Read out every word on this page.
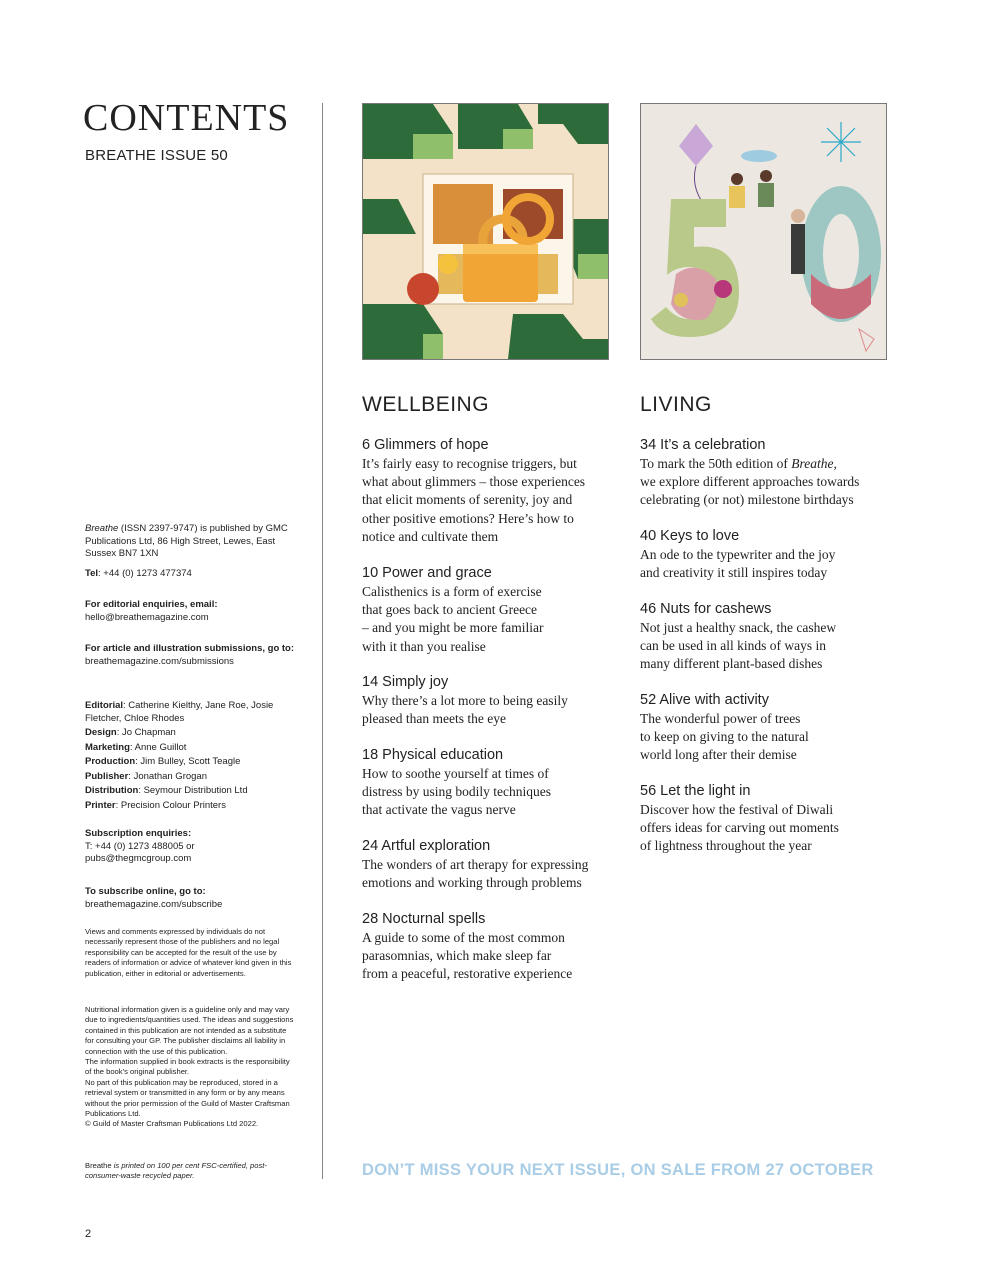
CONTENTS
BREATHE ISSUE 50
Breathe (ISSN 2397-9747) is published by GMC Publications Ltd, 86 High Street, Lewes, East Sussex BN7 1XN
Tel: +44 (0) 1273 477374
For editorial enquiries, email:
hello@breathemagazine.com
For article and illustration submissions, go to:
breathemagazine.com/submissions
Editorial: Catherine Kielthy, Jane Roe, Josie Fletcher, Chloe Rhodes
Design: Jo Chapman
Marketing: Anne Guillot
Production: Jim Bulley, Scott Teagle
Publisher: Jonathan Grogan
Distribution: Seymour Distribution Ltd
Printer: Precision Colour Printers
Subscription enquiries:
T: +44 (0) 1273 488005 or
pubs@thegmcgroup.com
To subscribe online, go to:
breathemagazine.com/subscribe
Views and comments expressed by individuals do not necessarily represent those of the publishers and no legal responsibility can be accepted for the result of the use by readers of information or advice of whatever kind given in this publication, either in editorial or advertisements.
Nutritional information given is a guideline only and may vary due to ingredients/quantities used. The ideas and suggestions contained in this publication are not intended as a substitute for consulting your GP. The publisher disclaims all liability in connection with the use of this publication.
The information supplied in book extracts is the responsibility of the book’s original publisher.
No part of this publication may be reproduced, stored in a retrieval system or transmitted in any form or by any means without the prior permission of the Guild of Master Craftsman Publications Ltd.
© Guild of Master Craftsman Publications Ltd 2022.
Breathe is printed on 100 per cent FSC-certified, post-consumer-waste recycled paper.
WELLBEING
6 Glimmers of hope
It’s fairly easy to recognise triggers, but
what about glimmers – those experiences
that elicit moments of serenity, joy and
other positive emotions? Here’s how to
notice and cultivate them
10 Power and grace
Calisthenics is a form of exercise
that goes back to ancient Greece
– and you might be more familiar
with it than you realise
14 Simply joy
Why there’s a lot more to being easily
pleased than meets the eye
18 Physical education
How to soothe yourself at times of
distress by using bodily techniques
that activate the vagus nerve
24 Artful exploration
The wonders of art therapy for expressing
emotions and working through problems
28 Nocturnal spells
A guide to some of the most common
parasomnias, which make sleep far
from a peaceful, restorative experience
LIVING
34 It’s a celebration
To mark the 50th edition of Breathe,
we explore different approaches towards
celebrating (or not) milestone birthdays
40 Keys to love
An ode to the typewriter and the joy
and creativity it still inspires today
46 Nuts for cashews
Not just a healthy snack, the cashew
can be used in all kinds of ways in
many different plant-based dishes
52 Alive with activity
The wonderful power of trees
to keep on giving to the natural
world long after their demise
56 Let the light in
Discover how the festival of Diwali
offers ideas for carving out moments
of lightness throughout the year
DON’T MISS YOUR NEXT ISSUE, ON SALE FROM 27 OCTOBER
2
